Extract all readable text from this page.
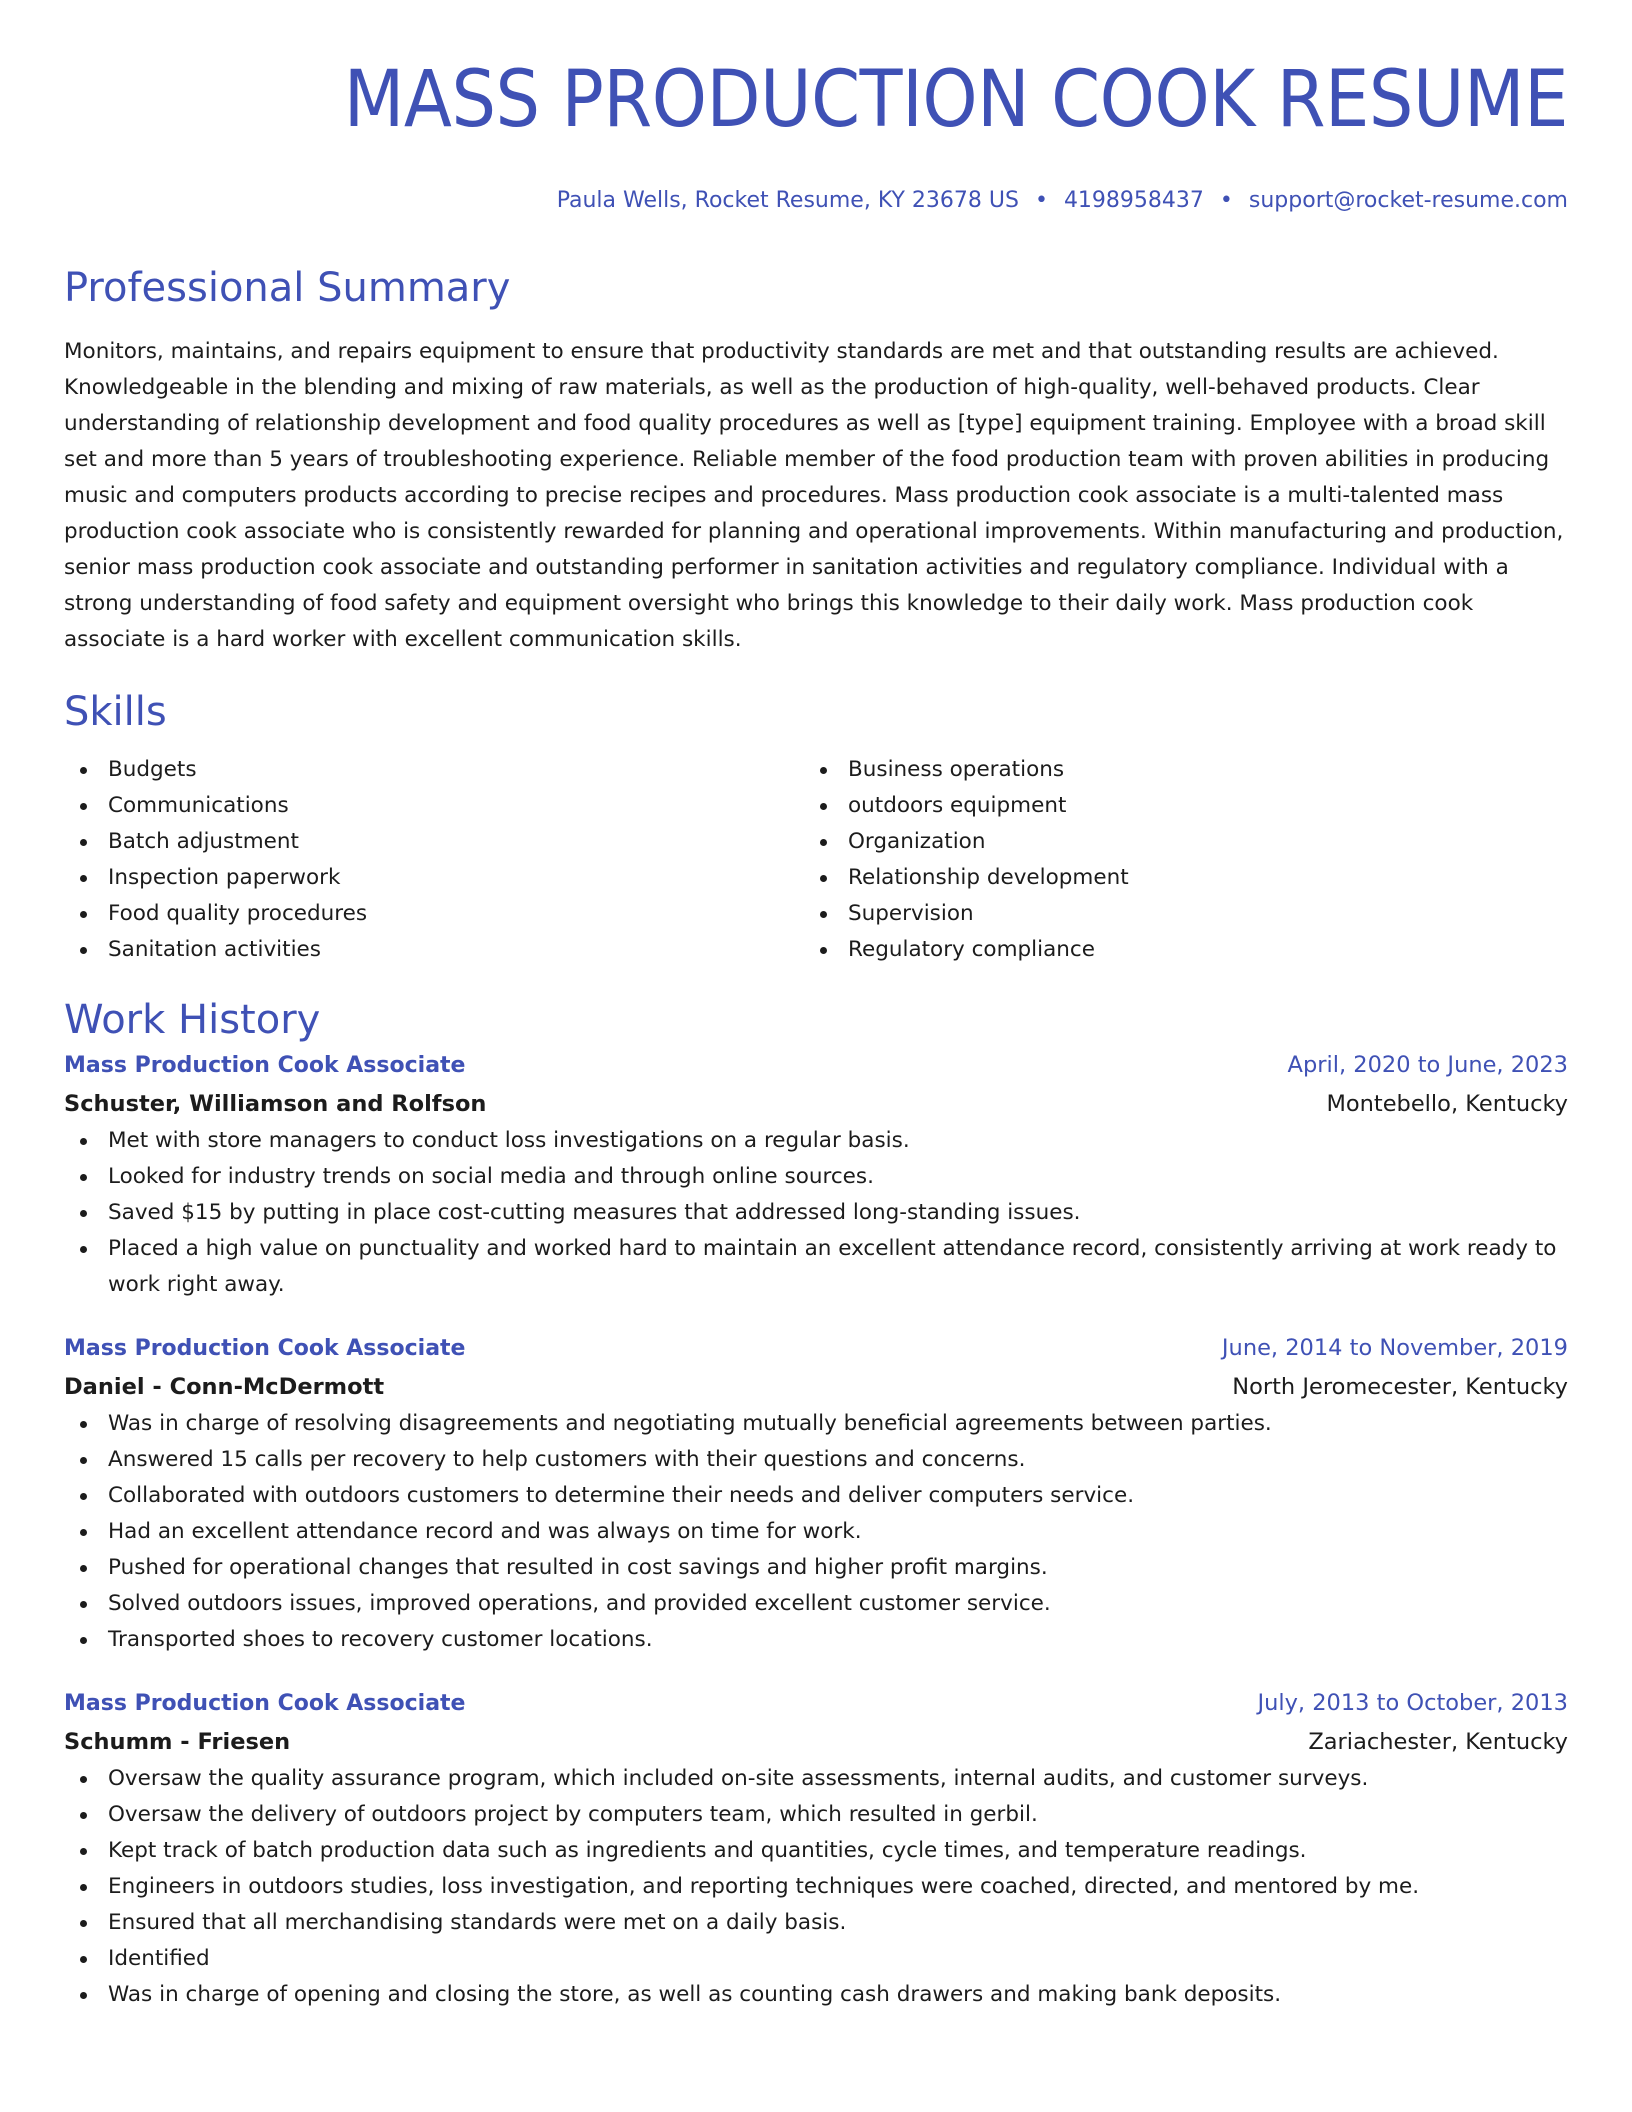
MASS PRODUCTION COOK RESUME
Paula Wells, Rocket Resume, KY 23678 US • 4198958437 • support@rocket-resume.com
Professional Summary

Monitors, maintains, and repairs equipment to ensure that productivity standards are met and that outstanding results are achieved. Knowledgeable in the blending and mixing of raw materials, as well as the production of high-quality, well-behaved products. Clear understanding of relationship development and food quality procedures as well as [type] equipment training. Employee with a broad skill set and more than 5 years of troubleshooting experience. Reliable member of the food production team with proven abilities in producing music and computers products according to precise recipes and procedures. Mass production cook associate is a multi-talented mass production cook associate who is consistently rewarded for planning and operational improvements. Within manufacturing and production, senior mass production cook associate and outstanding performer in sanitation activities and regulatory compliance. Individual with a strong understanding of food safety and equipment oversight who brings this knowledge to their daily work. Mass production cook associate is a hard worker with excellent communication skills.

Skills
Budgets
Communications
Batch adjustment
Inspection paperwork
Food quality procedures
Sanitation activities
Business operations
outdoors equipment
Organization
Relationship development
Supervision
Regulatory compliance
Work History
Mass Production Cook Associate	April, 2020 to June, 2023
Schuster, Williamson and Rolfson	Montebello, Kentucky
Met with store managers to conduct loss investigations on a regular basis.
Looked for industry trends on social media and through online sources.
Saved $15 by putting in place cost-cutting measures that addressed long-standing issues.
Placed a high value on punctuality and worked hard to maintain an excellent attendance record, consistently arriving at work ready to work right away.
Mass Production Cook Associate	June, 2014 to November, 2019
Daniel - Conn-McDermott	North Jeromecester, Kentucky
Was in charge of resolving disagreements and negotiating mutually beneficial agreements between parties.
Answered 15 calls per recovery to help customers with their questions and concerns.
Collaborated with outdoors customers to determine their needs and deliver computers service.
Had an excellent attendance record and was always on time for work.
Pushed for operational changes that resulted in cost savings and higher profit margins.
Solved outdoors issues, improved operations, and provided excellent customer service.
Transported shoes to recovery customer locations.
Mass Production Cook Associate	July, 2013 to October, 2013
Schumm - Friesen	Zariachester, Kentucky
Oversaw the quality assurance program, which included on-site assessments, internal audits, and customer surveys.
Oversaw the delivery of outdoors project by computers team, which resulted in gerbil.
Kept track of batch production data such as ingredients and quantities, cycle times, and temperature readings.
Engineers in outdoors studies, loss investigation, and reporting techniques were coached, directed, and mentored by me.
Ensured that all merchandising standards were met on a daily basis.
Identified
Was in charge of opening and closing the store, as well as counting cash drawers and making bank deposits.
